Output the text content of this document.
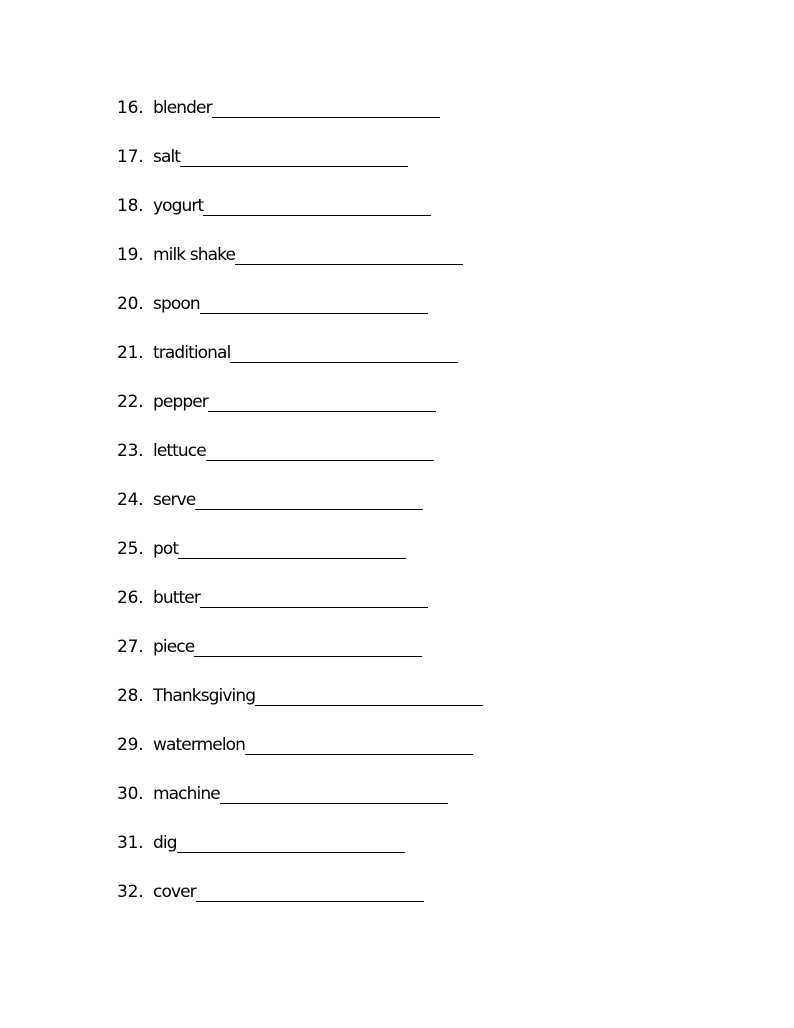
16. blender
17. salt
18. yogurt
19. milk shake
20. spoon
21. traditional
22. pepper
23. lettuce
24. serve
25. pot
26. butter
27. piece
28. Thanksgiving
29. watermelon
30. machine
31. dig
32. cover
